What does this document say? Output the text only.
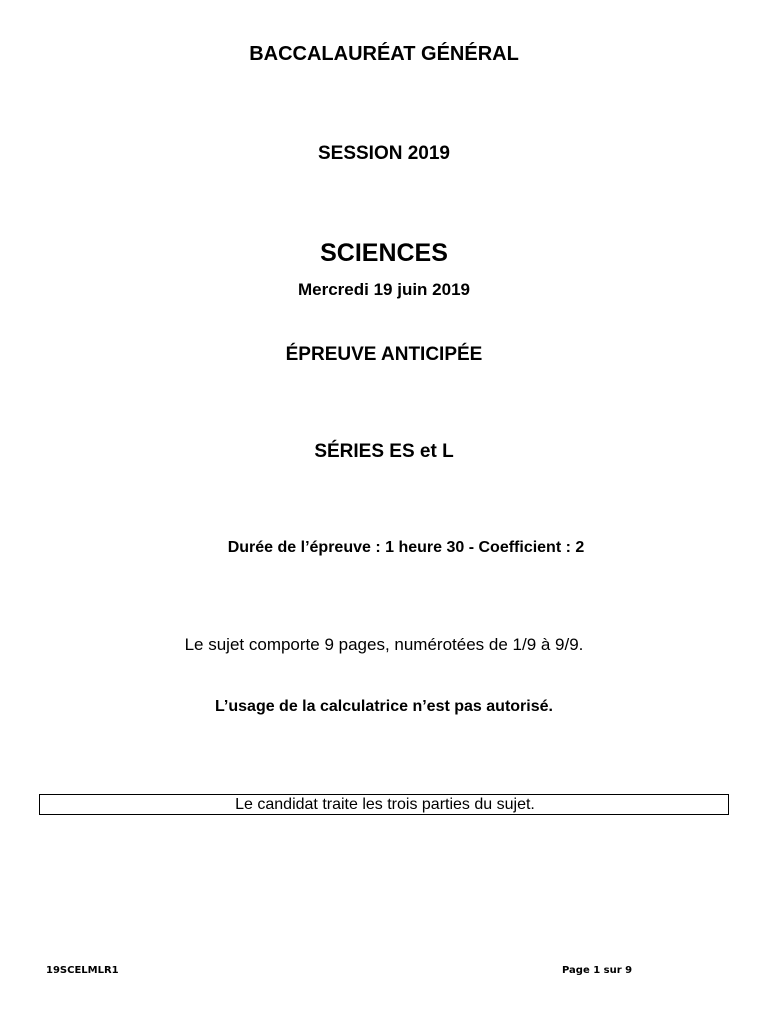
BACCALAURÉAT GÉNÉRAL
SESSION 2019
SCIENCES
Mercredi 19 juin 2019
ÉPREUVE ANTICIPÉE
SÉRIES ES et L
Durée de l’épreuve : 1 heure 30 - Coefficient : 2
Le sujet comporte 9 pages, numérotées de 1/9 à 9/9.
L’usage de la calculatrice n’est pas autorisé.
Le candidat traite les trois parties du sujet.
19SCELMLR1	Page 1 sur 9
